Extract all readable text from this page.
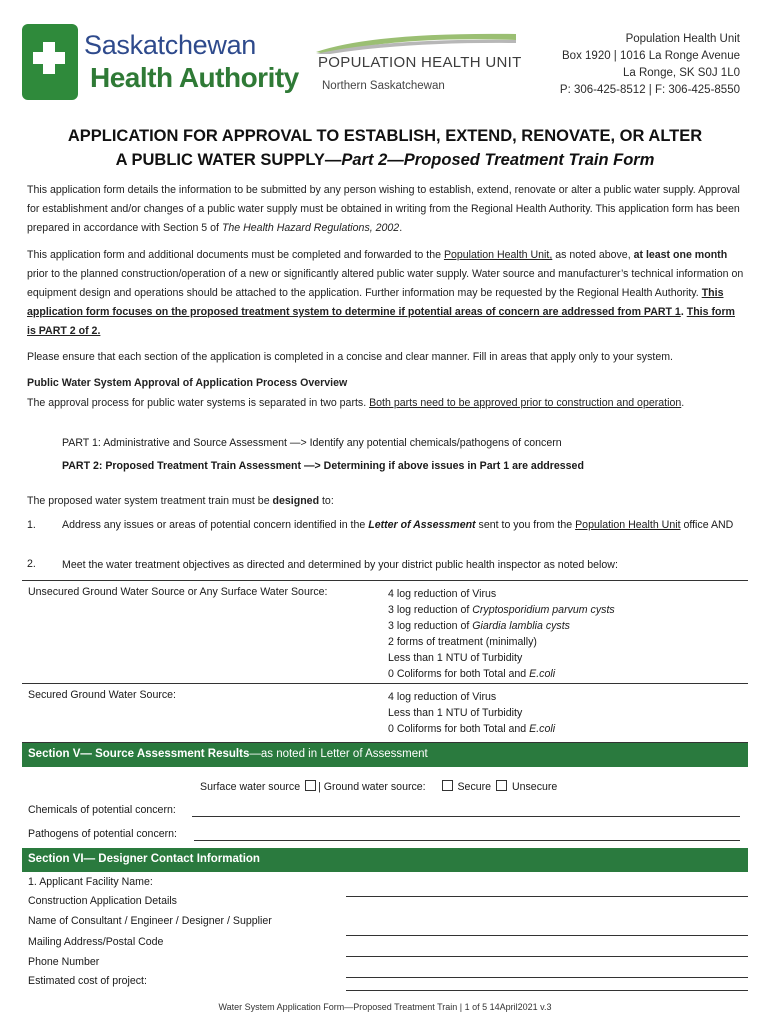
Saskatchewan
Health Authority POPULATION HEALTH UNIT
Northern Saskatchewan
Population Health Unit
Box 1920 | 1016 La Ronge Avenue
La Ronge, SK S0J 1L0
P: 306-425-8512 | F: 306-425-8550
APPLICATION FOR APPROVAL TO ESTABLISH, EXTEND, RENOVATE, OR ALTER
A PUBLIC WATER SUPPLY—Part 2—Proposed Treatment Train Form
This application form details the information to be submitted by any person wishing to establish, extend, renovate or alter a public water supply. Approval for establishment and/or changes of a public water supply must be obtained in writing from the Regional Health Authority. This application form has been prepared in accordance with Section 5 of The Health Hazard Regulations, 2002.
This application form and additional documents must be completed and forwarded to the Population Health Unit, as noted above, at least one month prior to the planned construction/operation of a new or significantly altered public water supply. Water source and manufacturer’s technical information on equipment design and operations should be attached to the application. Further information may be requested by the Regional Health Authority. This application form focuses on the proposed treatment system to determine if potential areas of concern are addressed from PART 1. This form is PART 2 of 2.
Please ensure that each section of the application is completed in a concise and clear manner. Fill in areas that apply only to your system.
Public Water System Approval of Application Process Overview
The approval process for public water systems is separated in two parts. Both parts need to be approved prior to construction and operation.
PART 1: Administrative and Source Assessment —> Identify any potential chemicals/pathogens of concern
PART 2: Proposed Treatment Train Assessment —> Determining if above issues in Part 1 are addressed
The proposed water system treatment train must be designed to:
1. Address any issues or areas of potential concern identified in the Letter of Assessment sent to you from the Population Health Unit office AND
2. Meet the water treatment objectives as directed and determined by your district public health inspector as noted below:
Unsecured Ground Water Source or Any Surface Water Source:	4 log reduction of Virus
3 log reduction of Cryptosporidium parvum cysts
3 log reduction of Giardia lamblia cysts
2 forms of treatment (minimally)
Less than 1 NTU of Turbidity
0 Coliforms for both Total and E.coli
Secured Ground Water Source:	4 log reduction of Virus
Less than 1 NTU of Turbidity
0 Coliforms for both Total and E.coli
Section V— Source Assessment Results—as noted in Letter of Assessment
Surface water source | Ground water source:	Secure Unsecure
Chemicals of potential concern:
Pathogens of potential concern:
Section VI— Designer Contact Information
1. Applicant Facility Name:
Construction Application Details
Name of Consultant / Engineer / Designer / Supplier
Mailing Address/Postal Code
Phone Number
Estimated cost of project:
Water System Application Form—Proposed Treatment Train | 1 of 5 14April2021 v.3
